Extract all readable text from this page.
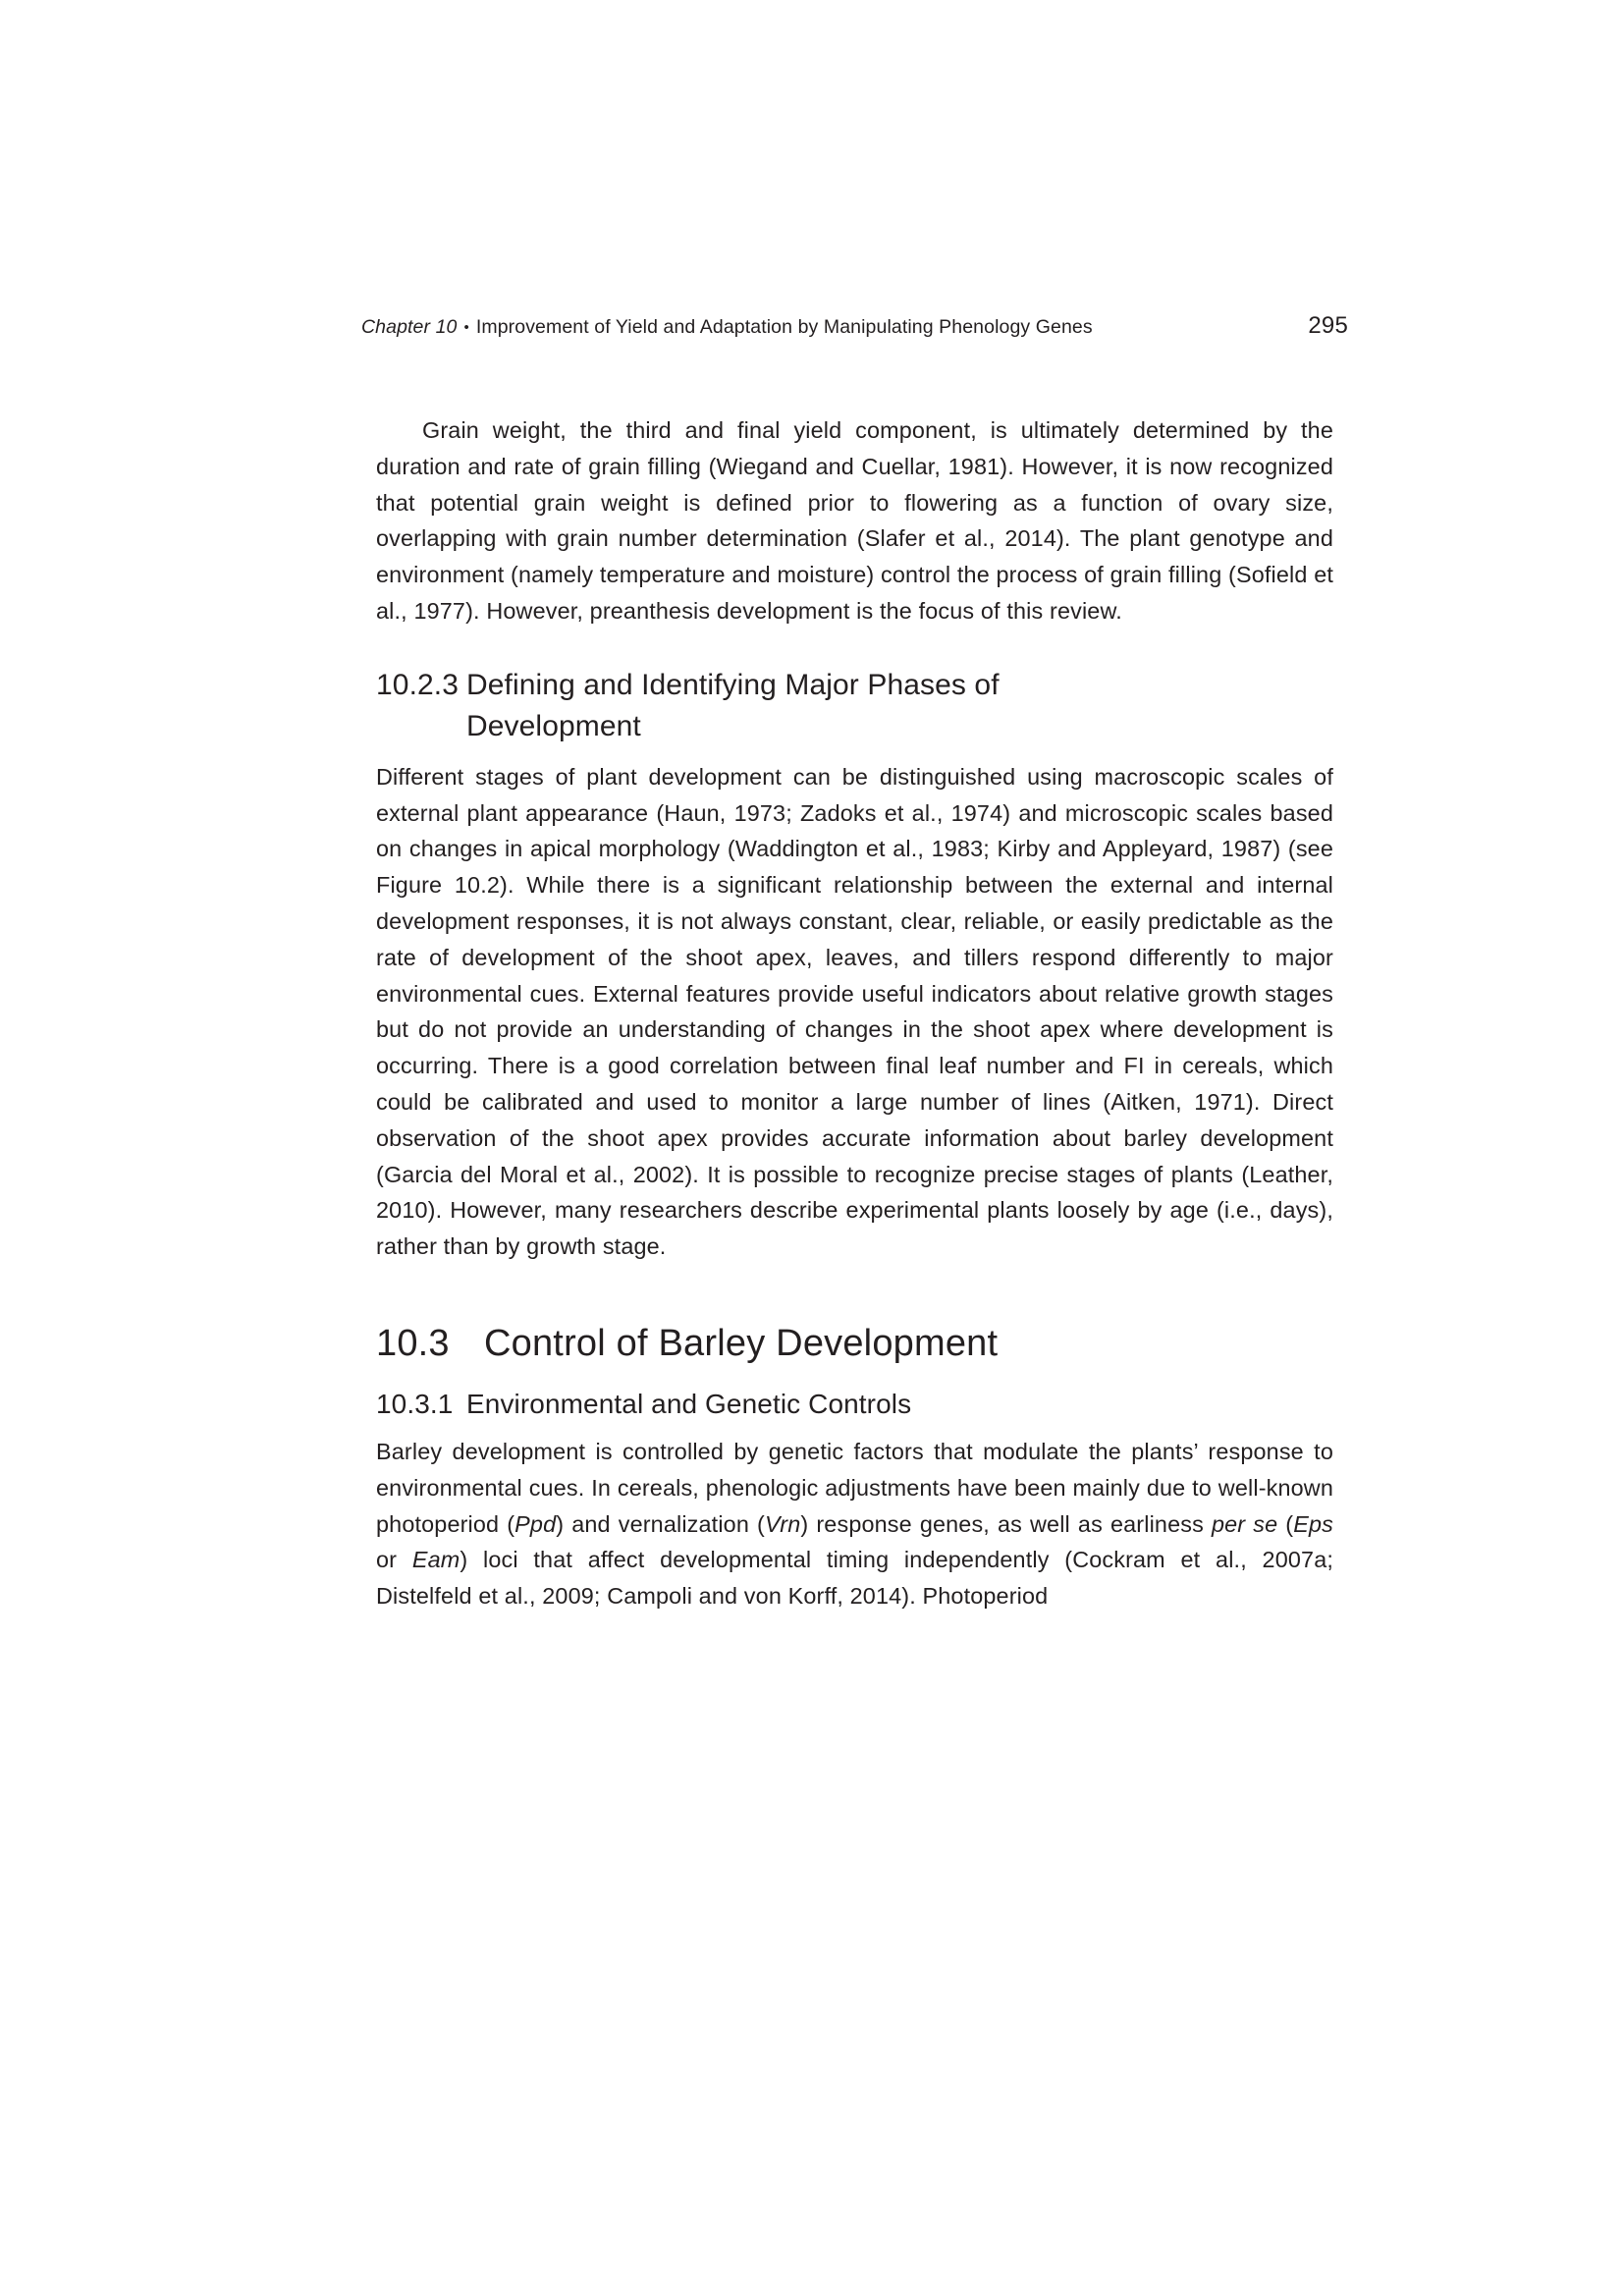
Chapter 10 • Improvement of Yield and Adaptation by Manipulating Phenology Genes	295

Grain weight, the third and final yield component, is ultimately determined by the duration and rate of grain filling (Wiegand and Cuellar, 1981). However, it is now recognized that potential grain weight is defined prior to flowering as a function of ovary size, overlapping with grain number determination (Slafer et al., 2014). The plant genotype and environment (namely temperature and moisture) control the process of grain filling (Sofield et al., 1977). However, preanthesis development is the focus of this review.

10.2.3 Defining and Identifying Major Phases of Development

Different stages of plant development can be distinguished using macroscopic scales of external plant appearance (Haun, 1973; Zadoks et al., 1974) and microscopic scales based on changes in apical morphology (Waddington et al., 1983; Kirby and Appleyard, 1987) (see Figure 10.2). While there is a significant relationship between the external and internal development responses, it is not always constant, clear, reliable, or easily predictable as the rate of development of the shoot apex, leaves, and tillers respond differently to major environmental cues. External features provide useful indicators about relative growth stages but do not provide an understanding of changes in the shoot apex where development is occurring. There is a good correlation between final leaf number and FI in cereals, which could be calibrated and used to monitor a large number of lines (Aitken, 1971). Direct observation of the shoot apex provides accurate information about barley development (Garcia del Moral et al., 2002). It is possible to recognize precise stages of plants (Leather, 2010). However, many researchers describe experimental plants loosely by age (i.e., days), rather than by growth stage.

10.3 Control of Barley Development
10.3.1 Environmental and Genetic Controls

Barley development is controlled by genetic factors that modulate the plants’ response to environmental cues. In cereals, phenologic adjustments have been mainly due to well-known photoperiod (Ppd) and vernalization (Vrn) response genes, as well as earliness per se (Eps or Eam) loci that affect developmental timing independently (Cockram et al., 2007a; Distelfeld et al., 2009; Campoli and von Korff, 2014). Photoperiod
